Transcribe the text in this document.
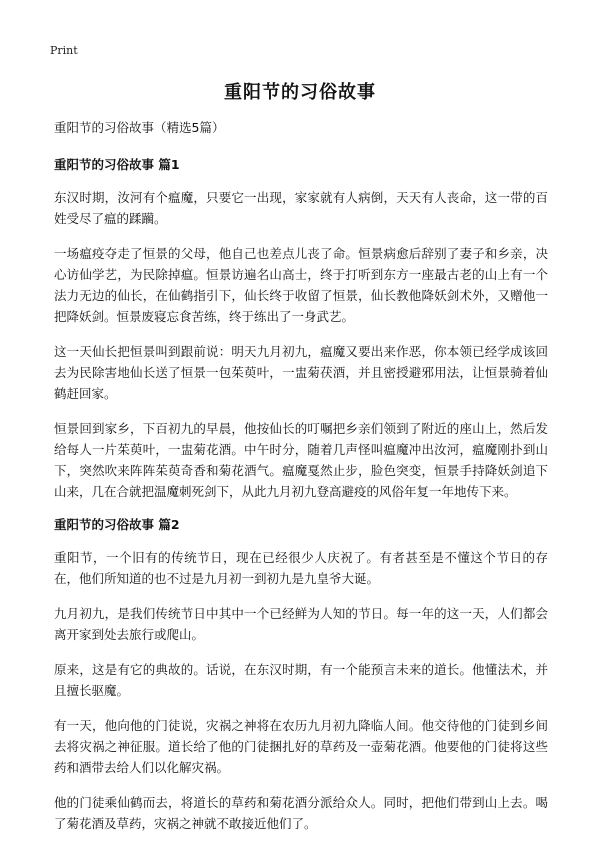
Print
重阳节的习俗故事

重阳节的习俗故事（精选5篇）

重阳节的习俗故事 篇1

东汉时期，汝河有个瘟魔，只要它一出现，家家就有人病倒，天天有人丧命，这一带的百姓受尽了瘟的蹂躏。

一场瘟疫夺走了恒景的父母，他自己也差点儿丧了命。恒景病愈后辞别了妻子和乡亲，决心访仙学艺，为民除掉瘟。恒景访遍名山高士，终于打听到东方一座最古老的山上有一个法力无边的仙长，在仙鹤指引下，仙长终于收留了恒景，仙长教他降妖剑术外，又赠他一把降妖剑。恒景废寝忘食苦练，终于练出了一身武艺。

这一天仙长把恒景叫到跟前说：明天九月初九，瘟魔又要出来作恶，你本领已经学成该回去为民除害地仙长送了恒景一包茱萸叶，一盅菊茯酒，并且密授避邪用法，让恒景骑着仙鹤赶回家。

恒景回到家乡，下百初九的早晨，他按仙长的叮嘱把乡亲们领到了附近的座山上，然后发给每人一片茱萸叶，一盅菊花酒。中午时分，随着几声怪叫瘟魔冲出汝河，瘟魔刚扑到山下，突然吹来阵阵茱萸奇香和菊花酒气。瘟魔戛然止步，脸色突变，恒景手持降妖剑追下山来，几在合就把温魔刺死剑下，从此九月初九登高避疫的风俗年复一年地传下来。

重阳节的习俗故事 篇2

重阳节，一个旧有的传统节日，现在已经很少人庆祝了。有者甚至是不懂这个节日的存在，他们所知道的也不过是九月初一到初九是九皇爷大诞。

九月初九，是我们传统节日中其中一个已经鲜为人知的节日。每一年的这一天，人们都会离开家到处去旅行或爬山。

原来，这是有它的典故的。话说，在东汉时期，有一个能预言未来的道长。他懂法术，并且擅长驱魔。

有一天，他向他的门徒说，灾祸之神将在农历九月初九降临人间。他交待他的门徒到乡间去将灾祸之神征服。道长给了他的门徒捆扎好的草药及一壶菊花酒。他要他的门徒将这些药和酒带去给人们以化解灾祸。

他的门徒乘仙鹤而去，将道长的草药和菊花酒分派给众人。同时，把他们带到山上去。喝了菊花酒及草药，灾祸之神就不敢接近他们了。
